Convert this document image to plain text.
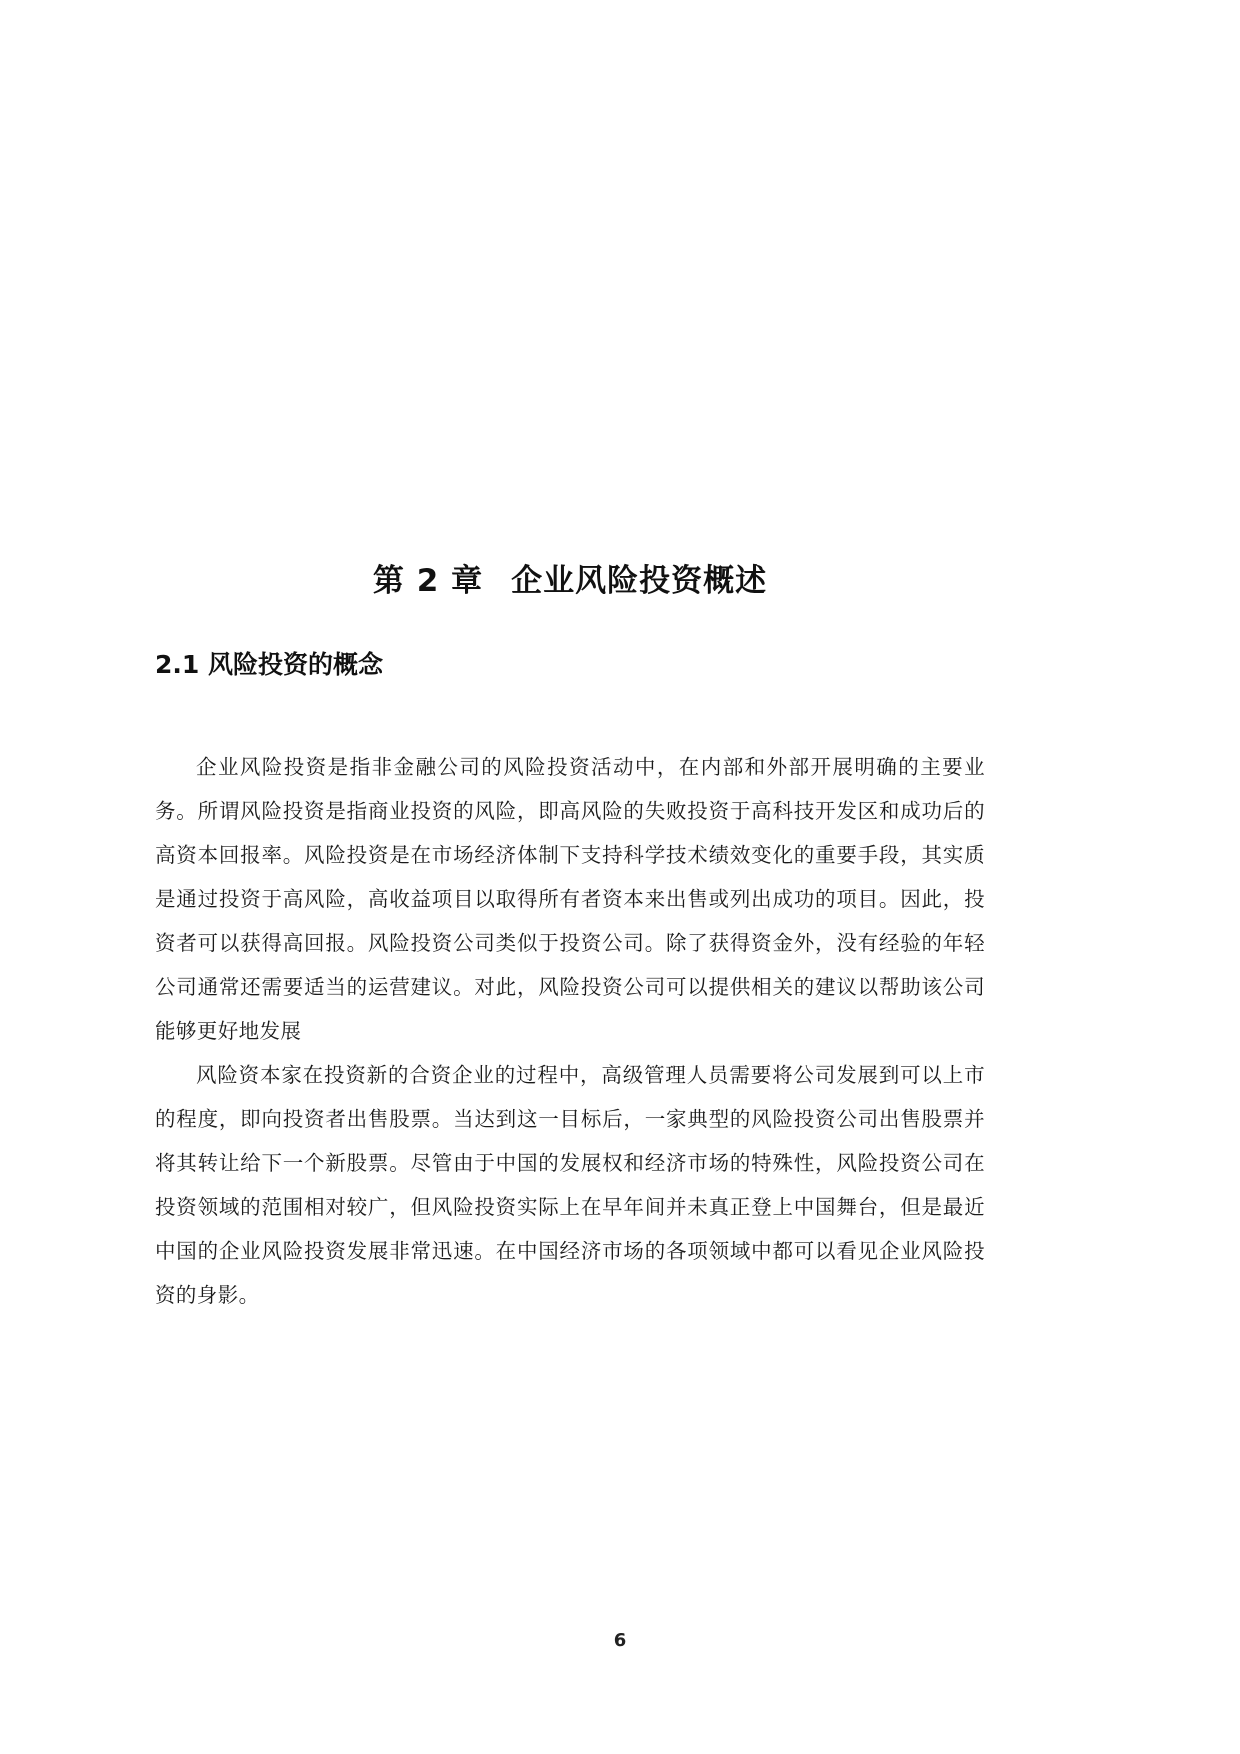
第 2 章 企业风险投资概述
2.1 风险投资的概念

企业风险投资是指非金融公司的风险投资活动中，在内部和外部开展明确的主要业务。所谓风险投资是指商业投资的风险，即高风险的失败投资于高科技开发区和成功后的高资本回报率。风险投资是在市场经济体制下支持科学技术绩效变化的重要手段，其实质是通过投资于高风险，高收益项目以取得所有者资本来出售或列出成功的项目。因此，投资者可以获得高回报。风险投资公司类似于投资公司。除了获得资金外，没有经验的年轻公司通常还需要适当的运营建议。对此，风险投资公司可以提供相关的建议以帮助该公司能够更好地发展

风险资本家在投资新的合资企业的过程中，高级管理人员需要将公司发展到可以上市的程度，即向投资者出售股票。当达到这一目标后，一家典型的风险投资公司出售股票并将其转让给下一个新股票。尽管由于中国的发展权和经济市场的特殊性，风险投资公司在投资领域的范围相对较广，但风险投资实际上在早年间并未真正登上中国舞台，但是最近中国的企业风险投资发展非常迅速。在中国经济市场的各项领域中都可以看见企业风险投资的身影。

6
